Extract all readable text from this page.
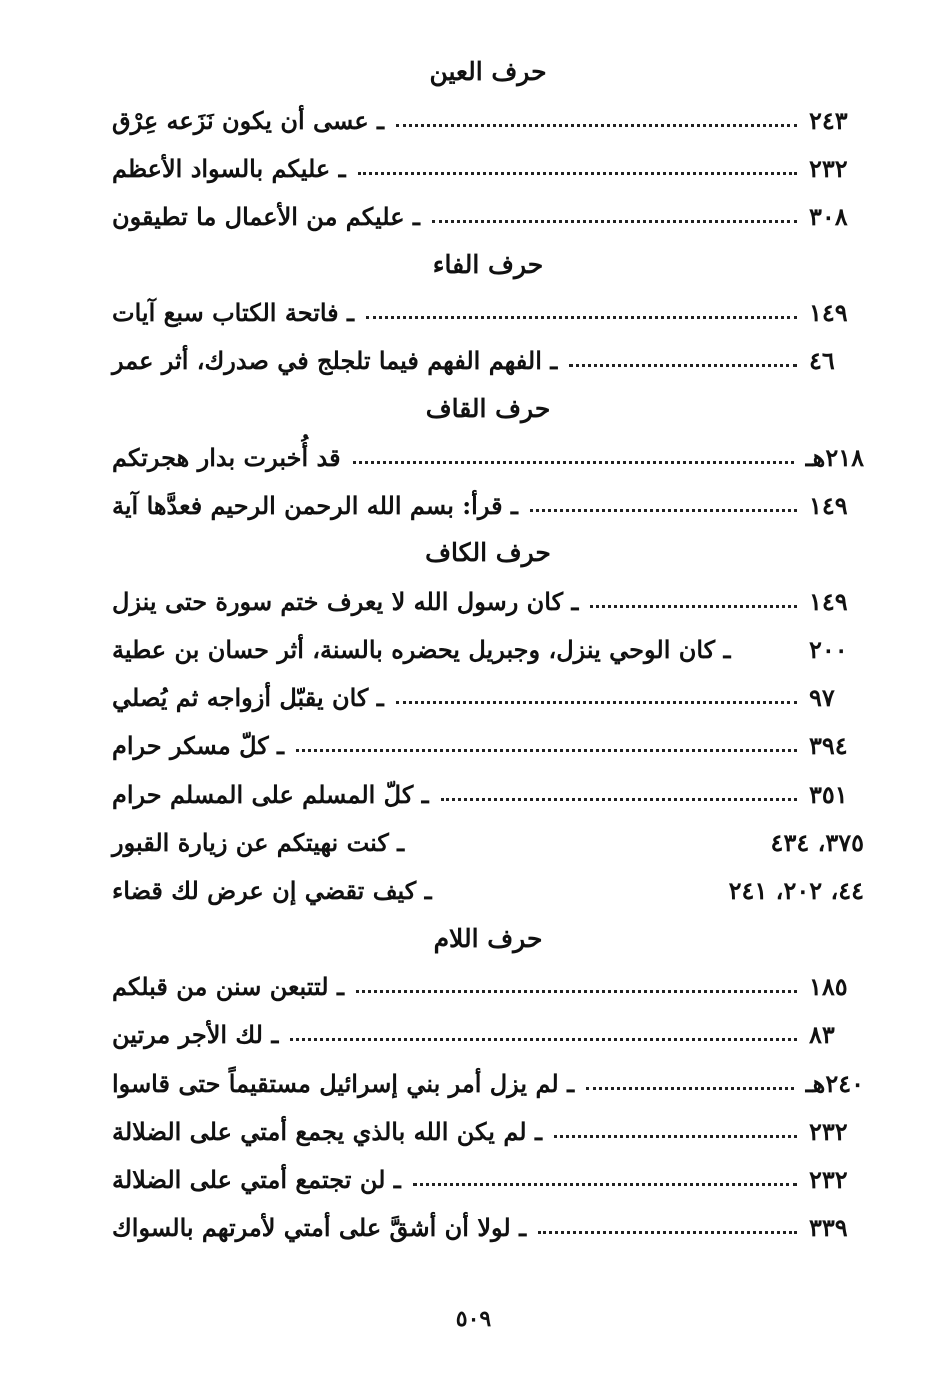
حرف العين
ـ عسى أن يكون نَزَعه عِرْق	٢٤٣
ـ عليكم بالسواد الأعظم	٢٣٢
ـ عليكم من الأعمال ما تطيقون	٣٠٨
حرف الفاء
ـ فاتحة الكتاب سبع آيات	١٤٩
ـ الفهم الفهم فيما تلجلج في صدرك، أثر عمر	٤٦
حرف القاف
قد أُخبرت بدار هجرتكم	٢١٨هـ
ـ قرأ: بسم الله الرحمن الرحيم فعدَّها آية	١٤٩
حرف الكاف
ـ كان رسول الله لا يعرف ختم سورة حتى ينزل	١٤٩
ـ كان الوحي ينزل، وجبريل يحضره بالسنة، أثر حسان بن عطية	٢٠٠
ـ كان يقبّل أزواجه ثم يُصلي	٩٧
ـ كلّ مسكر حرام	٣٩٤
ـ كلّ المسلم على المسلم حرام	٣٥١
ـ كنت نهيتكم عن زيارة القبور	٣٧٥، ٤٣٤
ـ كيف تقضي إن عرض لك قضاء	٤٤، ٢٠٢، ٢٤١
حرف اللام
ـ لتتبعن سنن من قبلكم	١٨٥
ـ لك الأجر مرتين	٨٣
ـ لم يزل أمر بني إسرائيل مستقيماً حتى قاسوا	٢٤٠هـ
ـ لم يكن الله بالذي يجمع أمتي على الضلالة	٢٣٢
ـ لن تجتمع أمتي على الضلالة	٢٣٢
ـ لولا أن أشقَّ على أمتي لأمرتهم بالسواك	٣٣٩
٥٠٩
